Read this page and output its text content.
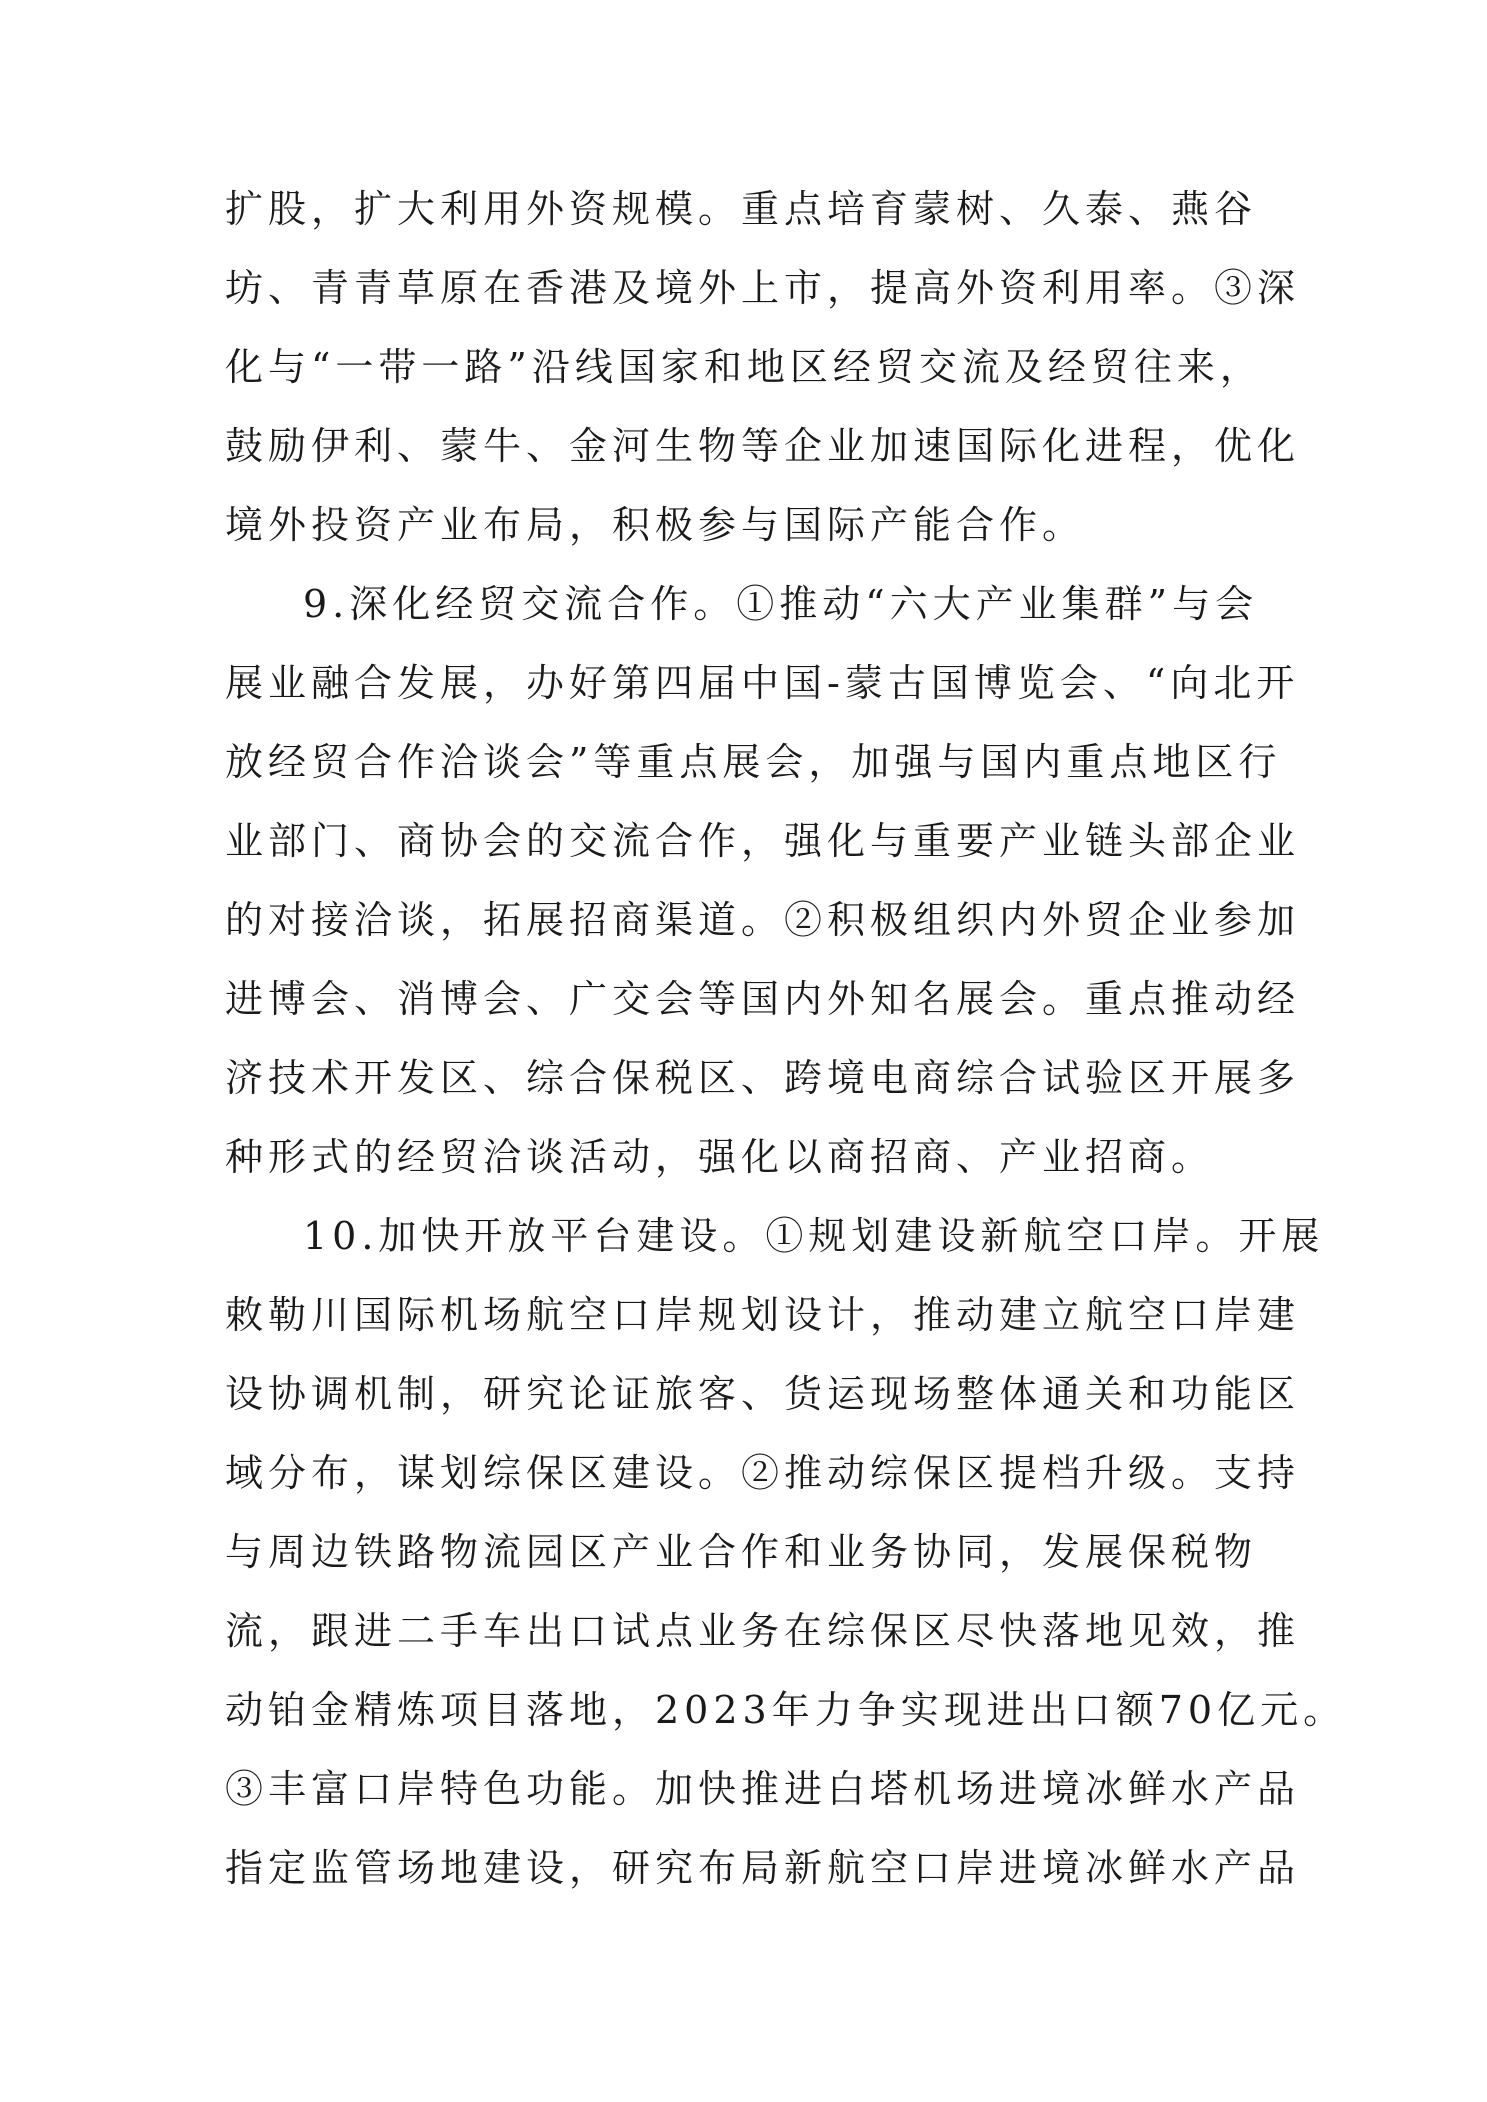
扩股，扩大利用外资规模。重点培育蒙树、久泰、燕谷
坊、青青草原在香港及境外上市，提高外资利用率。③深
化与“一带一路”沿线国家和地区经贸交流及经贸往来，
鼓励伊利、蒙牛、金河生物等企业加速国际化进程，优化
境外投资产业布局，积极参与国际产能合作。
9.深化经贸交流合作。①推动“六大产业集群”与会
展业融合发展，办好第四届中国-蒙古国博览会、“向北开
放经贸合作洽谈会”等重点展会，加强与国内重点地区行
业部门、商协会的交流合作，强化与重要产业链头部企业
的对接洽谈，拓展招商渠道。②积极组织内外贸企业参加
进博会、消博会、广交会等国内外知名展会。重点推动经
济技术开发区、综合保税区、跨境电商综合试验区开展多
种形式的经贸洽谈活动，强化以商招商、产业招商。
10.加快开放平台建设。①规划建设新航空口岸。开展
敕勒川国际机场航空口岸规划设计，推动建立航空口岸建
设协调机制，研究论证旅客、货运现场整体通关和功能区
域分布，谋划综保区建设。②推动综保区提档升级。支持
与周边铁路物流园区产业合作和业务协同，发展保税物
流，跟进二手车出口试点业务在综保区尽快落地见效，推
动铂金精炼项目落地，2023年力争实现进出口额70亿元。
③丰富口岸特色功能。加快推进白塔机场进境冰鲜水产品
指定监管场地建设，研究布局新航空口岸进境冰鲜水产品
